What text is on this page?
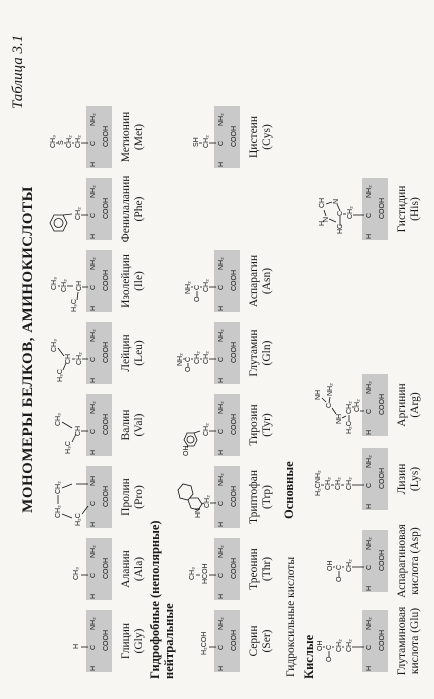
Таблица 3.1
МОНОМЕРЫ БЕЛКОВ, АМИНОКИСЛОТЫ
H
H
C
NH₂
COOH Глицин (Gly)
CH₃
H
C
NH₂
COOH Аланин (Ala)
CH₂
CH₂
H₂C H
C
NH
COOH Пролин (Pro)
CH₃
H₃C
CH
H
C
NH₂
COOH Валин (Val)
CH₃
H₃C
CH CH₂
H
C
NH₂
COOH Лейцин (Leu)
CH₃ CH₂
H₃C
CH
H
C
NH₂
COOH Изолейцин (Ile)
CH₂
H
C
NH₂
COOH Фенилаланин (Phe)
CH₃ S CH₂ CH₂
H
C
NH₂
COOH Метионин (Met)
Гидрофобные (неполярные) нейтральные	H₂COH
H
C
NH₂
COOH Серин (Ser)
CH₃ HCOH
H
C
NH₂
COOH Треонин (Thr)
HN
CH₂
H
C
NH₂
COOH Триптофан (Trp)
OH
CH₂
H
C
NH₂
COOH Тирозин (Tyr)
NH₂ C
O
CH₂ CH₂
H
C
NH₂
COOH Глутамин (Gln)
NH₂ C
O
CH₂
H
C
NH₂
COOH Аспарагин (Asn)
SH CH₂
H
C
NH₂
COOH Цистеин (Cys)
Гидроксильные кислоты
Основные
Кислые OH C
O
CH₂ CH₂
H
C
NH₂
COOH Глутаминовая кислота (Glu)
OH C
O
CH₂
H
C
NH₂
COOH Аспарагиновая кислота (Asp)
H₂CNH₂ CH₂ CH₂ CH₂
H
C
NH₂
COOH Лизин (Lys)
NH
C
NH₂
NH
H₂C
CH₂ CH₂
H
C
NH₂
COOH Аргинин (Arg)
H
N
CH N
HC
C CH₂
H
C
NH₂
COOH Гистидин (His)
